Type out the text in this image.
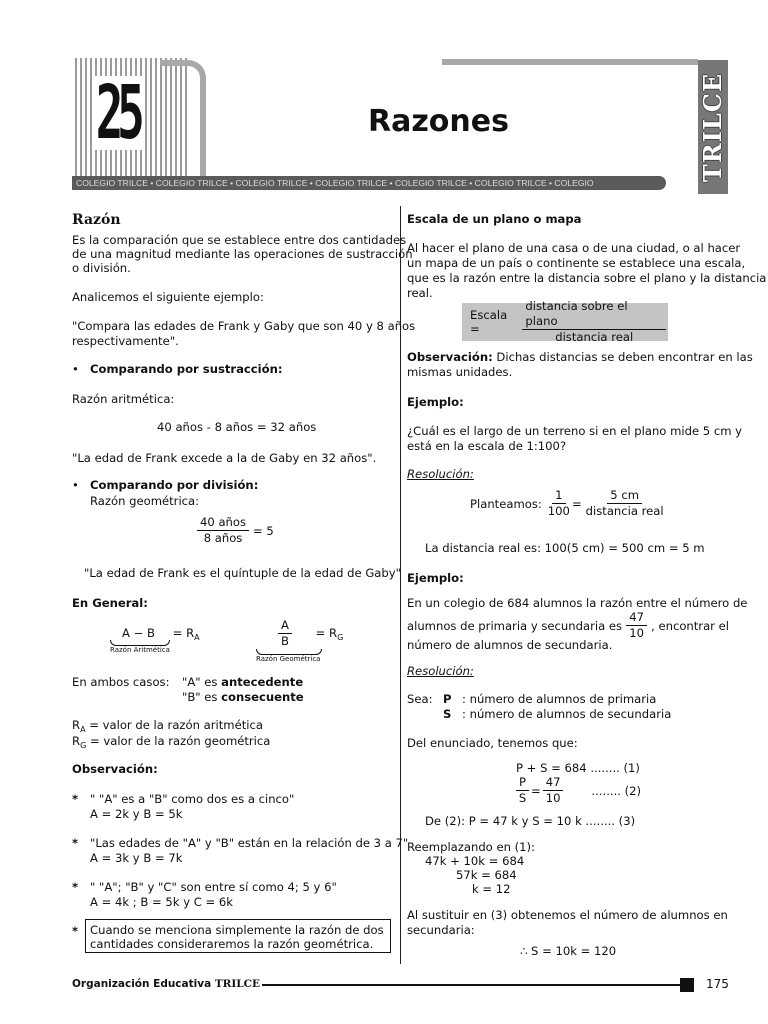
25	Razones
COLEGIO TRILCE • COLEGIO TRILCE • COLEGIO TRILCE • COLEGIO TRILCE • COLEGIO TRILCE • COLEGIO TRILCE • COLEGIO
TRILCE
Razón
Es la comparación que se establece entre dos cantidades
de una magnitud mediante las operaciones de sustracción
o división.
Analicemos el siguiente ejemplo:
"Compara las edades de Frank y Gaby que son 40 y 8 años
respectivamente".
• Comparando por sustracción:
Razón aritmética:
40 años - 8 años = 32 años
"La edad de Frank excede a la de Gaby en 32 años".
• Comparando por división:
Razón geométrica:
$\frac{\text{40 años}}{\text{8 años}} = 5$
"La edad de Frank es el quíntuple de la edad de Gaby"
En General:
$A - B = R_A$
Razón Aritmética
$\frac{A}{B} = R_G$
Razón Geométrica
En ambos casos: "A" es antecedente
"B" es consecuente
$R_A$ = valor de la razón aritmética
$R_G$ = valor de la razón geométrica
Observación:
* " "A" es a "B" como dos es a cinco"
A = 2k y B = 5k
* "Las edades de "A" y "B" están en la relación de 3 a 7"
A = 3k y B = 7k
* " "A"; "B" y "C" son entre sí como 4; 5 y 6"
A = 4k ; B = 5k y C = 6k
* Cuando se menciona simplemente la razón de dos
cantidades consideraremos la razón geométrica.
Escala de un plano o mapa
Al hacer el plano de una casa o de una ciudad, o al hacer
un mapa de un país o continente se establece una escala,
que es la razón entre la distancia sobre el plano y la distancia
real.
Escala =	$\frac{\text{distancia sobre el plano}}{\text{distancia real}}$
Observación: Dichas distancias se deben encontrar en las
mismas unidades.
Ejemplo:
¿Cuál es el largo de un terreno si en el plano mide 5 cm y
está en la escala de 1:100?
Resolución:
Planteamos: $\frac{1}{100} = \frac{5 cm}{\text{distancia real}}$
La distancia real es: 100(5 cm) = 500 cm = 5 m
Ejemplo:
En un colegio de 684 alumnos la razón entre el número de
alumnos de primaria y secundaria es $\frac{47}{10}$ , encontrar el
número de alumnos de secundaria.
Resolución:
Sea: P : número de alumnos de primaria
S : número de alumnos de secundaria
Del enunciado, tenemos que:
P + S = 684 ........ (1)
$\frac{P}{S} = \frac{47}{10}$ ........ (2)
De (2): P = 47 k y S = 10 k ........ (3)
Reemplazando en (1):
47k + 10k = 684
57k = 684
k = 12
Al sustituir en (3) obtenemos el número de alumnos en
secundaria:
∴ S = 10k = 120
Organización Educativa TRILCE	175
